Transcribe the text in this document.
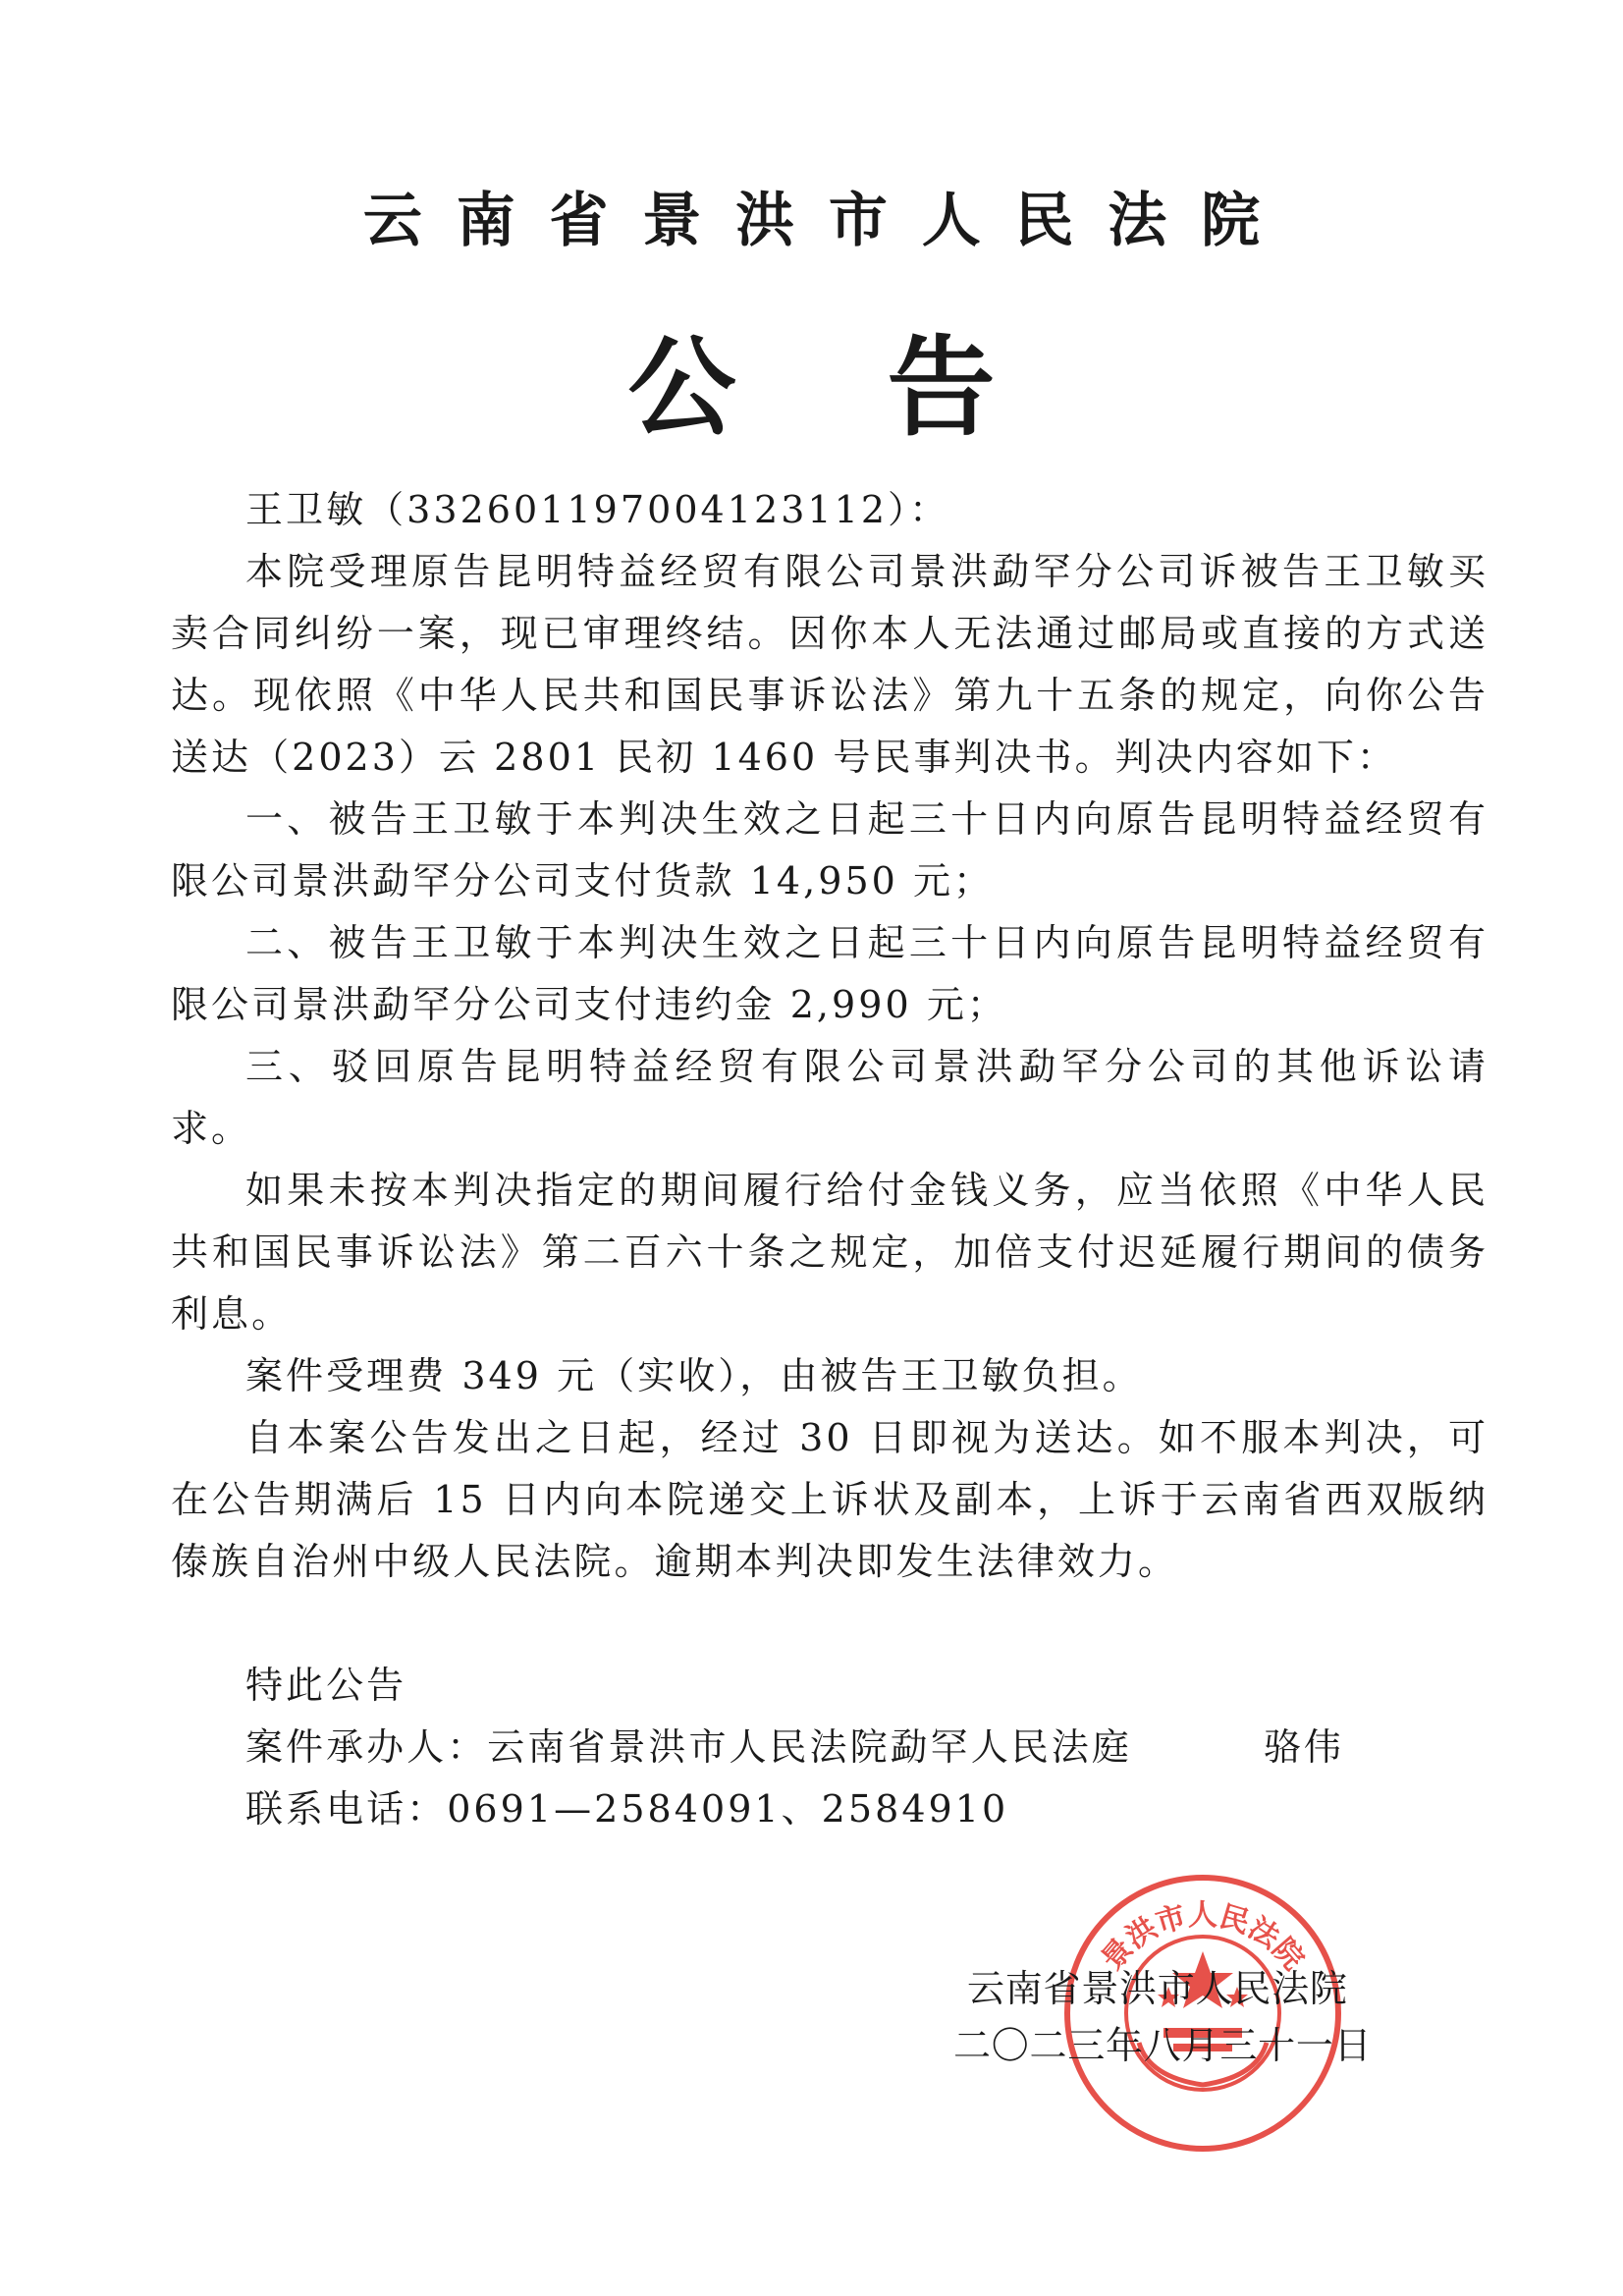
云南省景洪市人民法院
公告

王卫敏（332601197004123112）：

本院受理原告昆明特益经贸有限公司景洪勐罕分公司诉被告王卫敏买卖合同纠纷一案，现已审理终结。因你本人无法通过邮局或直接的方式送达。现依照《中华人民共和国民事诉讼法》第九十五条的规定，向你公告送达（2023）云 2801 民初 1460 号民事判决书。判决内容如下：

一、被告王卫敏于本判决生效之日起三十日内向原告昆明特益经贸有限公司景洪勐罕分公司支付货款 14,950 元；

二、被告王卫敏于本判决生效之日起三十日内向原告昆明特益经贸有限公司景洪勐罕分公司支付违约金 2,990 元；

三、驳回原告昆明特益经贸有限公司景洪勐罕分公司的其他诉讼请求。

如果未按本判决指定的期间履行给付金钱义务，应当依照《中华人民共和国民事诉讼法》第二百六十条之规定，加倍支付迟延履行期间的债务利息。

案件受理费 349 元（实收），由被告王卫敏负担。

自本案公告发出之日起，经过 30 日即视为送达。如不服本判决，可在公告期满后 15 日内向本院递交上诉状及副本，上诉于云南省西双版纳傣族自治州中级人民法院。逾期本判决即发生法律效力。

特此公告

案件承办人：云南省景洪市人民法院勐罕人民法庭	骆伟

联系电话：0691—2584091、2584910

景洪市人民法院
云南省景洪市人民法院
二〇二三年八月三十一日
